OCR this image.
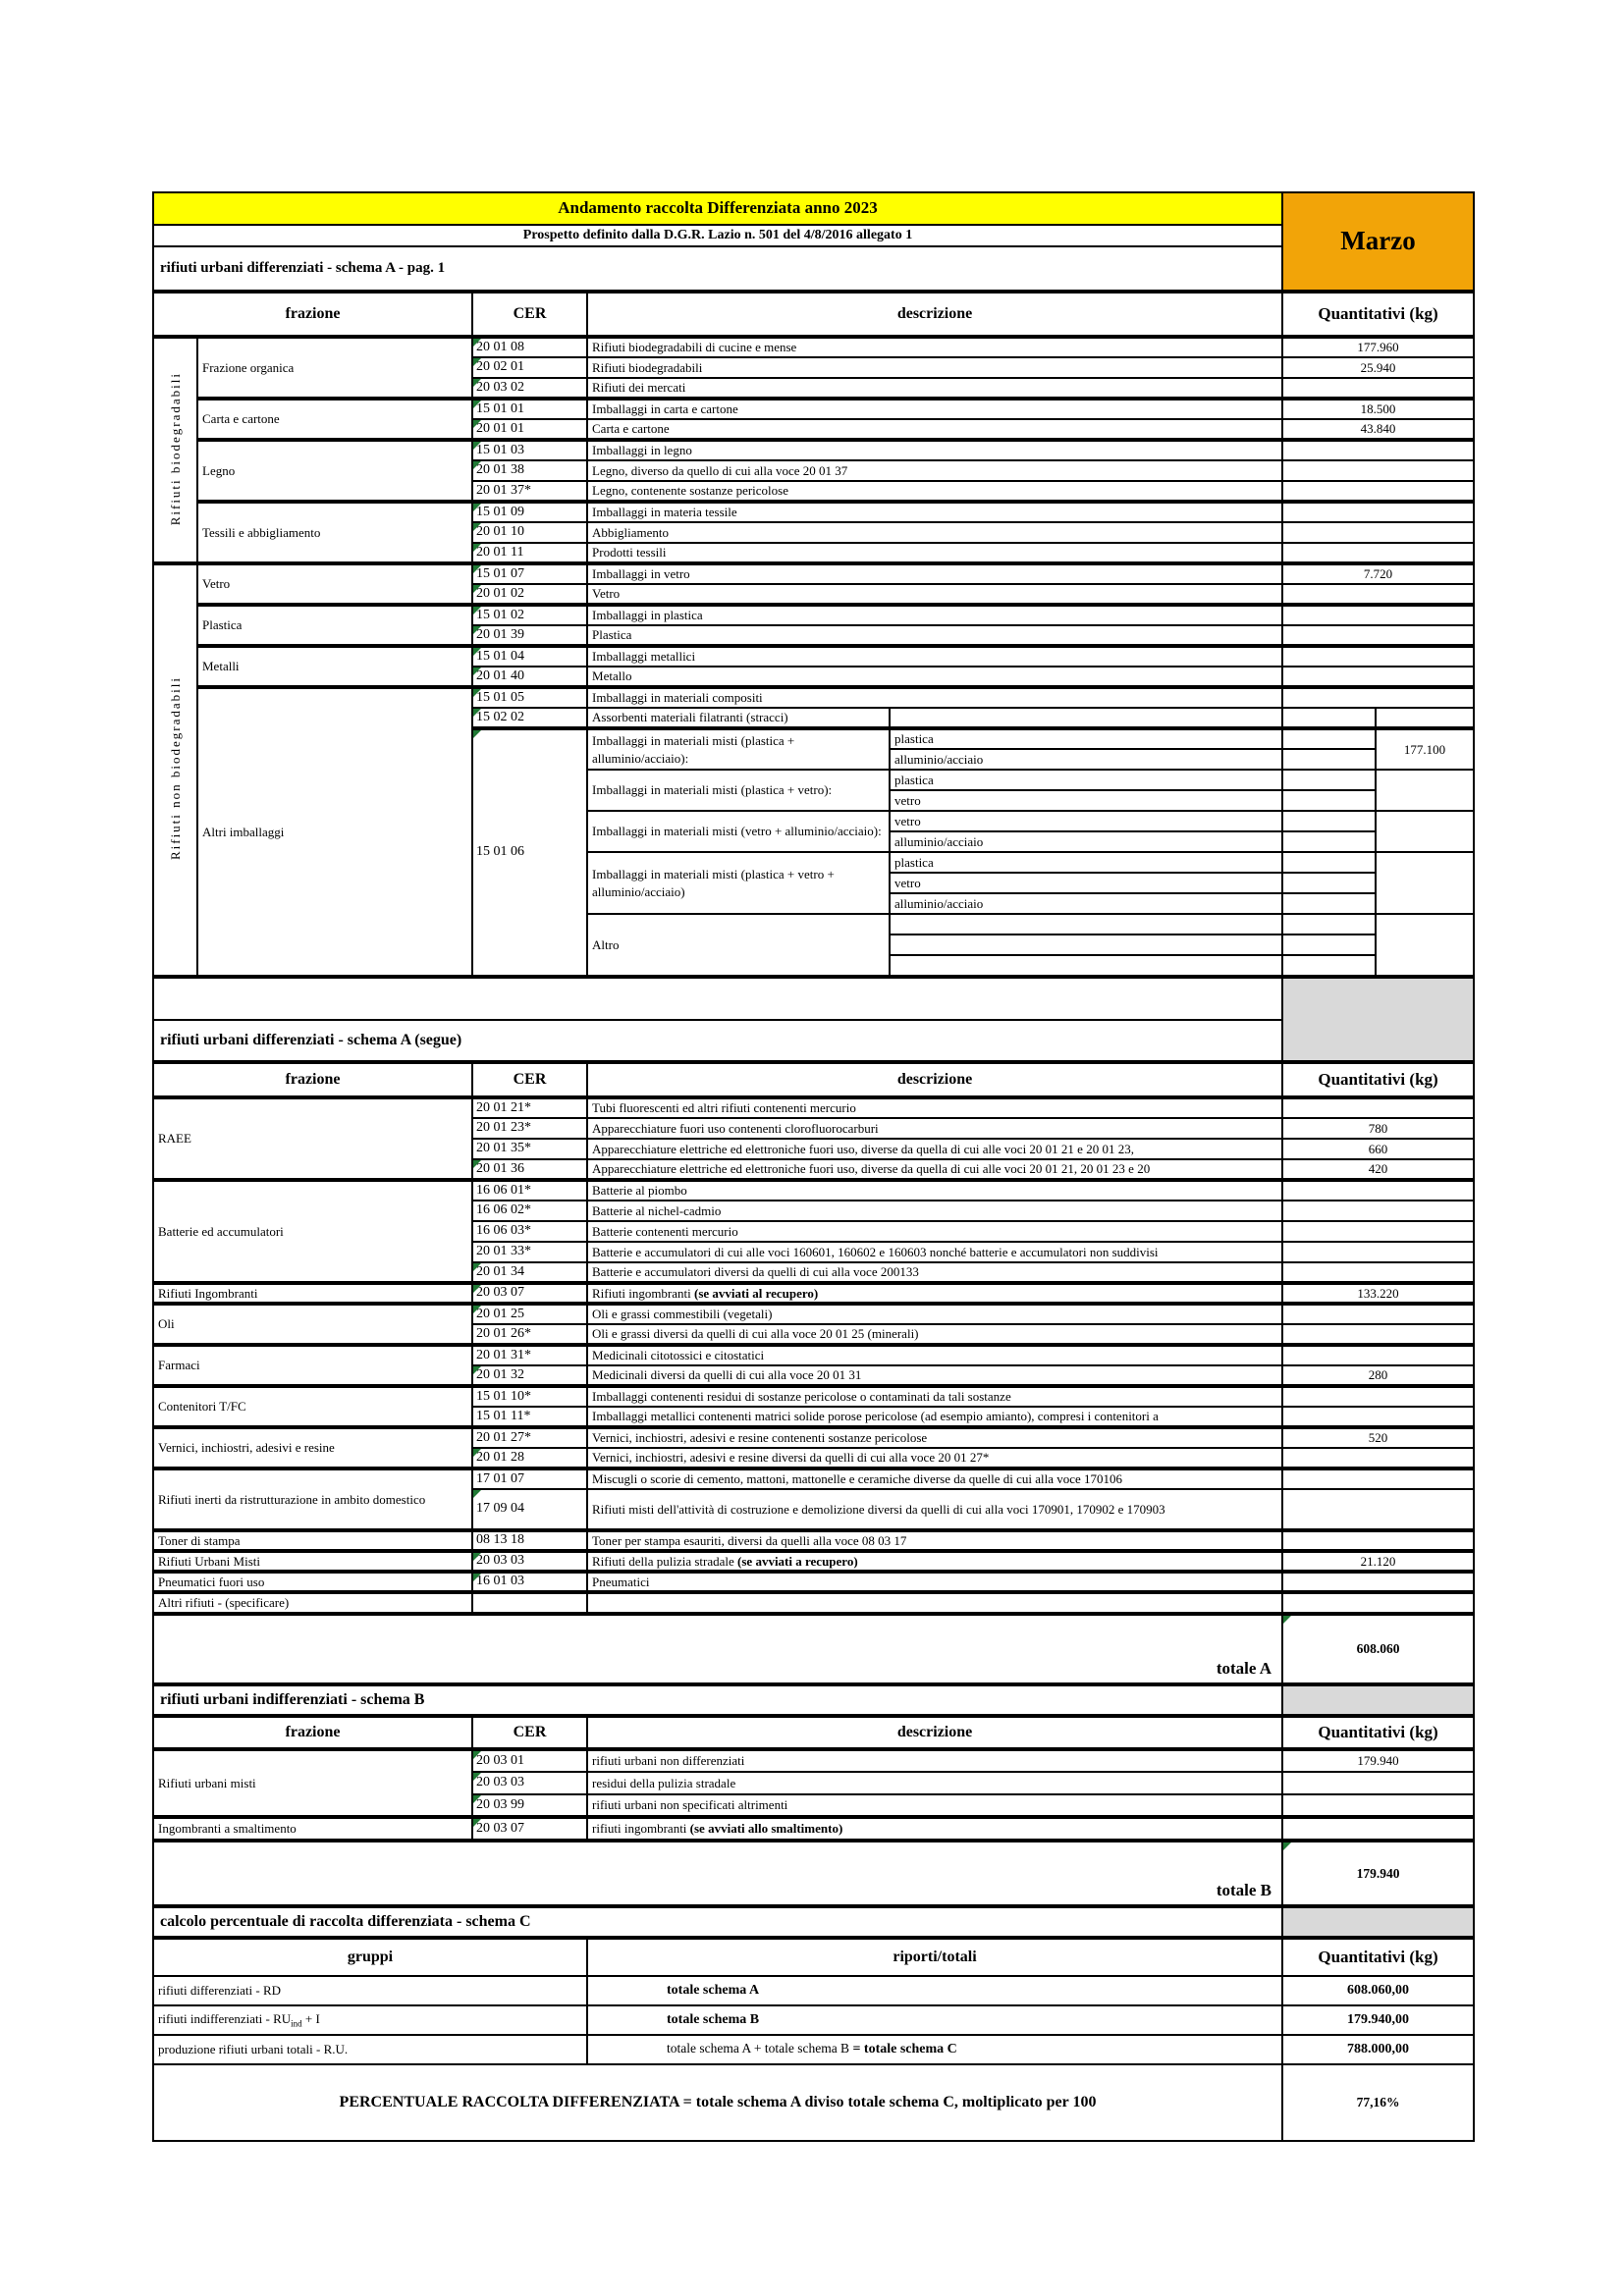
Andamento raccolta Differenziata anno 2023	Marzo
Prospetto definito dalla D.G.R. Lazio n. 501 del 4/8/2016 allegato 1
rifiuti urbani differenziati - schema A - pag. 1
frazione		CER	descrizione		Quantitativi (kg)	
Rifiuti biodegradabili	Frazione organica	20 01 08	Rifiuti biodegradabili di cucine e mense		177.960	
		20 02 01	Rifiuti biodegradabili		25.940	
		20 03 02	Rifiuti dei mercati			
	Carta e cartone	15 01 01	Imballaggi in carta e cartone		18.500	
		20 01 01	Carta e cartone		43.840	
	Legno	15 01 03	Imballaggi in legno			
		20 01 38	Legno, diverso da quello di cui alla voce 20 01 37			
		20 01 37*	Legno, contenente sostanze pericolose			
	Tessili e abbigliamento	15 01 09	Imballaggi in materia tessile			
		20 01 10	Abbigliamento			
		20 01 11	Prodotti tessili			
Rifiuti non biodegradabili	Vetro	15 01 07	Imballaggi in vetro		7.720	
		20 01 02	Vetro			
	Plastica	15 01 02	Imballaggi in plastica			
		20 01 39	Plastica			
	Metalli	15 01 04	Imballaggi metallici			
		20 01 40	Metallo			
	Altri imballaggi	15 01 05	Imballaggi in materiali compositi			
		15 02 02	Assorbenti materiali filatranti (stracci)			
		15 01 06	Imballaggi in materiali misti (plastica + alluminio/acciaio):	plastica		177.100
				alluminio/acciaio		
			Imballaggi in materiali misti (plastica + vetro):	plastica		
				vetro		
			Imballaggi in materiali misti (vetro + alluminio/acciaio):	vetro		
				alluminio/acciaio		
			Imballaggi in materiali misti (plastica + vetro + alluminio/acciaio)	plastica		
				vetro		
				alluminio/acciaio		
			Altro			

rifiuti urbani differenziati - schema A (segue)
frazione	CER	descrizione	Quantitativi (kg)
RAEE	20 01 21*	Tubi fluorescenti ed altri rifiuti contenenti mercurio	
	20 01 23*	Apparecchiature fuori uso contenenti clorofluorocarburi	780
	20 01 35*	Apparecchiature elettriche ed elettroniche fuori uso, diverse da quella di cui alle voci 20 01 21 e 20 01 23,	660
	20 01 36	Apparecchiature elettriche ed elettroniche fuori uso, diverse da quella di cui alle voci 20 01 21, 20 01 23 e 20	420
Batterie ed accumulatori	16 06 01*	Batterie al piombo	
	16 06 02*	Batterie al nichel-cadmio	
	16 06 03*	Batterie contenenti mercurio	
	20 01 33*	Batterie e accumulatori di cui alle voci 160601, 160602 e 160603 nonché batterie e accumulatori non suddivisi	
	20 01 34	Batterie e accumulatori diversi da quelli di cui alla voce 200133	
Rifiuti Ingombranti	20 03 07	Rifiuti ingombranti (se avviati al recupero)	133.220
Oli	20 01 25	Oli e grassi commestibili (vegetali)	
	20 01 26*	Oli e grassi diversi da quelli di cui alla voce 20 01 25 (minerali)	
Farmaci	20 01 31*	Medicinali citotossici e citostatici	
	20 01 32	Medicinali diversi da quelli di cui alla voce 20 01 31	280
Contenitori T/FC	15 01 10*	Imballaggi contenenti residui di sostanze pericolose o contaminati da tali sostanze	
	15 01 11*	Imballaggi metallici contenenti matrici solide porose pericolose (ad esempio amianto), compresi i contenitori a	
Vernici, inchiostri, adesivi e resine	20 01 27*	Vernici, inchiostri, adesivi e resine contenenti sostanze pericolose	520
	20 01 28	Vernici, inchiostri, adesivi e resine diversi da quelli di cui alla voce 20 01 27*	
Rifiuti inerti da ristrutturazione in ambito domestico	17 01 07	Miscugli o scorie di cemento, mattoni, mattonelle e ceramiche diverse da quelle di cui alla voce 170106	
	17 09 04	Rifiuti misti dell'attività di costruzione e demolizione diversi da quelli di cui alla voci 170901, 170902 e 170903	
Toner di stampa	08 13 18	Toner per stampa esauriti, diversi da quelli alla voce 08 03 17	
Rifiuti Urbani Misti	20 03 03	Rifiuti della pulizia stradale (se avviati a recupero)	21.120
Pneumatici fuori uso	16 01 03	Pneumatici	
Altri rifiuti - (specificare)			
totale A	608.060
rifiuti urbani indifferenziati - schema B	
frazione	CER	descrizione	Quantitativi (kg)
Rifiuti urbani misti	20 03 01	rifiuti urbani non differenziati	179.940
	20 03 03	residui della pulizia stradale	
	20 03 99	rifiuti urbani non specificati altrimenti	
Ingombranti a smaltimento	20 03 07	rifiuti ingombranti (se avviati allo smaltimento)	
totale B	179.940
calcolo percentuale di raccolta differenziata - schema C	
gruppi	riporti/totali	Quantitativi (kg)
rifiuti differenziati - RD	totale schema A	608.060,00
rifiuti indifferenziati - $RU_{ind} + I$	totale schema B	179.940,00
produzione rifiuti urbani totali - R.U.	totale schema A + totale schema B = totale schema C	788.000,00
PERCENTUALE RACCOLTA DIFFERENZIATA = totale schema A diviso totale schema C, moltiplicato per 100		77,16%
